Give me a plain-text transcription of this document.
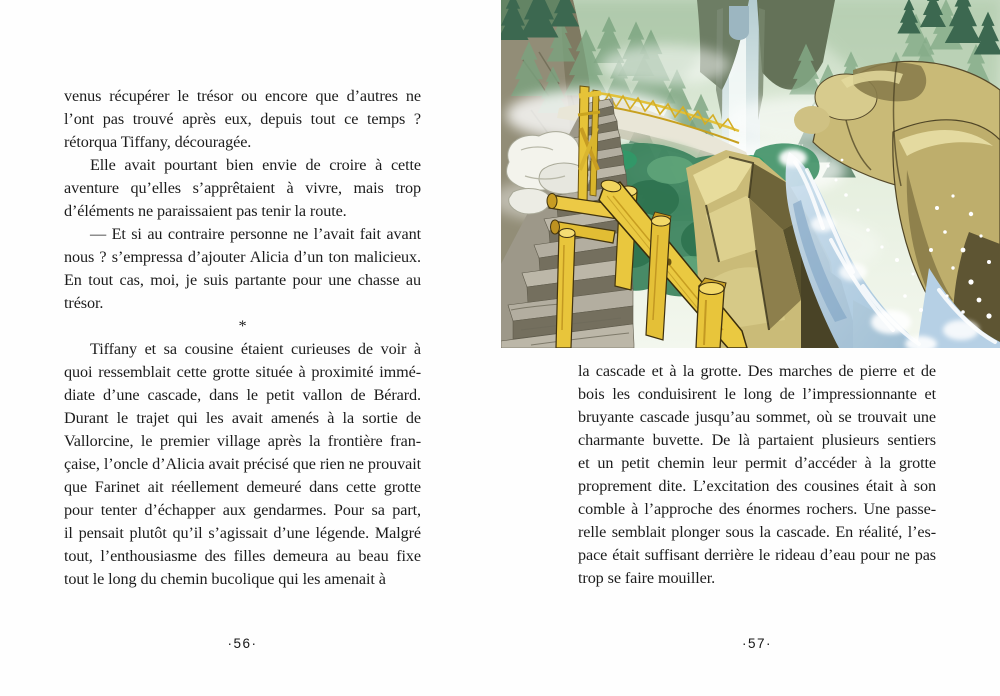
venus récupérer le trésor ou encore que d’autres ne
l’ont pas trouvé après eux, depuis tout ce temps ?
rétorqua Tiffany, découragée.
Elle avait pourtant bien envie de croire à cette
aventure qu’elles s’apprêtaient à vivre, mais trop
d’éléments ne paraissaient pas tenir la route.
— Et si au contraire personne ne l’avait fait avant
nous ? s’empressa d’ajouter Alicia d’un ton malicieux.
En tout cas, moi, je suis partante pour une chasse au
trésor.
*
Tiffany et sa cousine étaient curieuses de voir à
quoi ressemblait cette grotte située à proximité immé-
diate d’une cascade, dans le petit vallon de Bérard.
Durant le trajet qui les avait amenés à la sortie de
Vallorcine, le premier village après la frontière fran-
çaise, l’oncle d’Alicia avait précisé que rien ne prouvait
que Farinet ait réellement demeuré dans cette grotte
pour tenter d’échapper aux gendarmes. Pour sa part,
il pensait plutôt qu’il s’agissait d’une légende. Malgré
tout, l’enthousiasme des filles demeura au beau fixe
tout le long du chemin bucolique qui les amenait à
·56·
la cascade et à la grotte. Des marches de pierre et de
bois les conduisirent le long de l’impressionnante et
bruyante cascade jusqu’au sommet, où se trouvait une
charmante buvette. De là partaient plusieurs sentiers
et un petit chemin leur permit d’accéder à la grotte
proprement dite. L’excitation des cousines était à son
comble à l’approche des énormes rochers. Une passe-
relle semblait plonger sous la cascade. En réalité, l’es-
pace était suffisant derrière le rideau d’eau pour ne pas
trop se faire mouiller.
·57·
